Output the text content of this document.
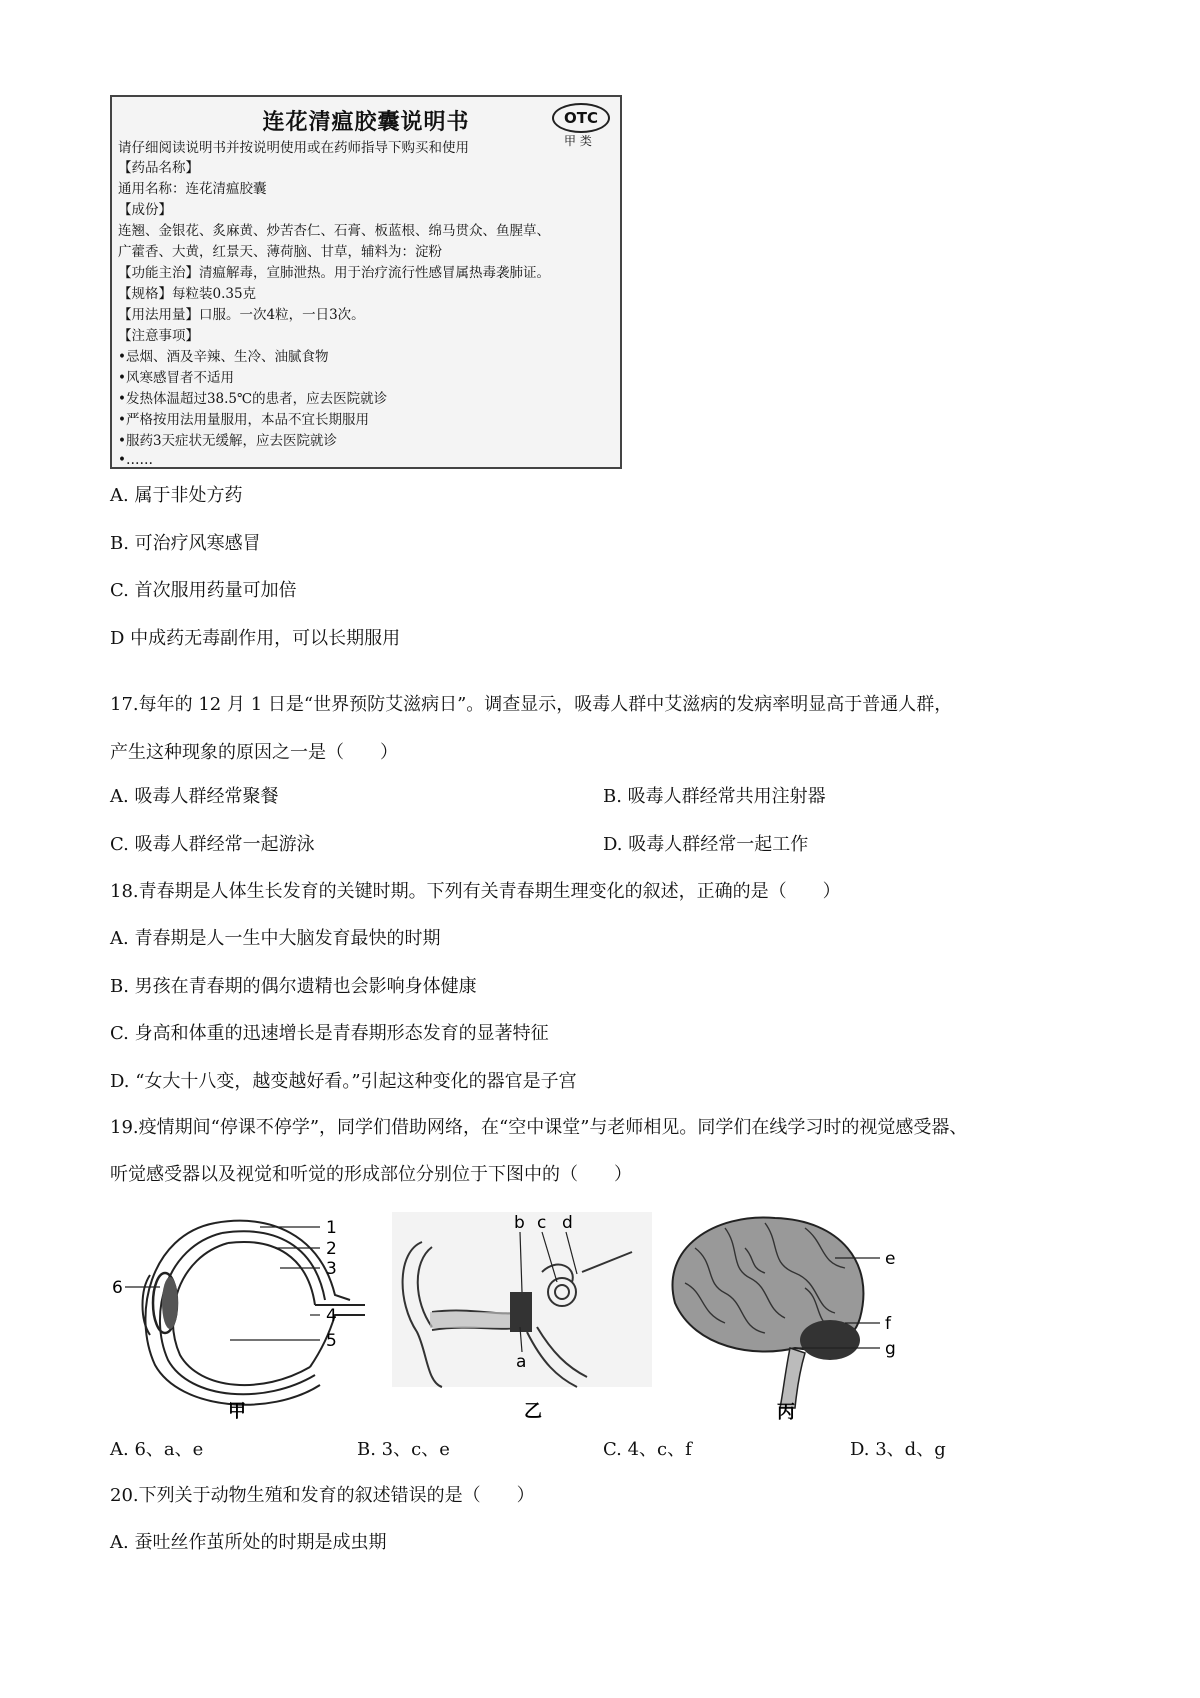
连花清瘟胶囊说明书	OTC
甲 类
请仔细阅读说明书并按说明使用或在药师指导下购买和使用
【药品名称】
通用名称：连花清瘟胶囊
【成份】
连翘、金银花、炙麻黄、炒苦杏仁、石膏、板蓝根、绵马贯众、鱼腥草、
广藿香、大黄，红景天、薄荷脑、甘草，辅料为：淀粉
【功能主治】清瘟解毒，宣肺泄热。用于治疗流行性感冒属热毒袭肺证。
【规格】每粒装0.35克
【用法用量】口服。一次4粒，一日3次。
【注意事项】
•忌烟、酒及辛辣、生冷、油腻食物
•风寒感冒者不适用
•发热体温超过38.5℃的患者，应去医院就诊
•严格按用法用量服用，本品不宜长期服用
•服药3天症状无缓解，应去医院就诊
•……
A. 属于非处方药
B. 可治疗风寒感冒
C. 首次服用药量可加倍
D 中成药无毒副作用，可以长期服用
17.每年的 12 月 1 日是“世界预防艾滋病日”。调查显示，吸毒人群中艾滋病的发病率明显高于普通人群，
产生这种现象的原因之一是（　　）
A. 吸毒人群经常聚餐	B. 吸毒人群经常共用注射器
C. 吸毒人群经常一起游泳	D. 吸毒人群经常一起工作
18.青春期是人体生长发育的关键时期。下列有关青春期生理变化的叙述，正确的是（　　）
A. 青春期是人一生中大脑发育最快的时期
B. 男孩在青春期的偶尔遗精也会影响身体健康
C. 身高和体重的迅速增长是青春期形态发育的显著特征
D. “女大十八变，越变越好看。”引起这种变化的器官是子宫
19.疫情期间“停课不停学”，同学们借助网络，在“空中课堂”与老师相见。同学们在线学习时的视觉感受器、
听觉感受器以及视觉和听觉的形成部位分别位于下图中的（　　）
1
2
3
4
5
6
甲
b c d
a
乙
e
f
g
丙
A. 6、a、e	B. 3、c、e	C. 4、c、f	D. 3、d、g
20.下列关于动物生殖和发育的叙述错误的是（　　）
A. 蚕吐丝作茧所处的时期是成虫期
